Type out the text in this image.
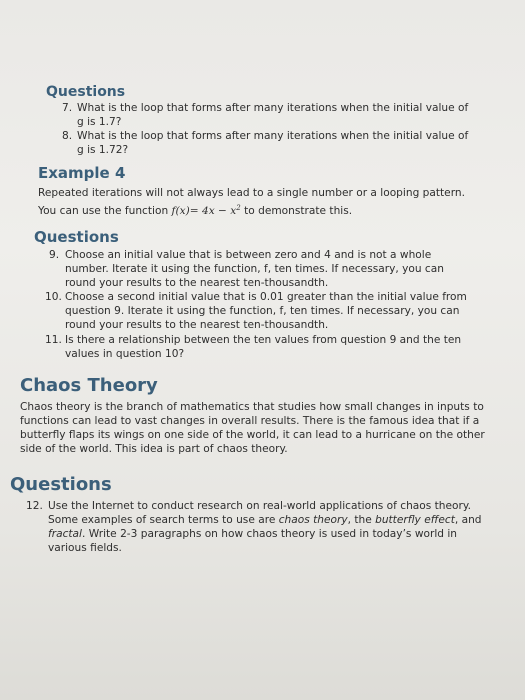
Questions
7. What is the loop that forms after many iterations when the initial value of g is 1.7?
8. What is the loop that forms after many iterations when the initial value of g is 1.72?
Example 4

Repeated iterations will not always lead to a single number or a looping pattern.

You can use the function $f(x)= 4x - x^2$ to demonstrate this.

Questions
9. Choose an initial value that is between zero and 4 and is not a whole number. Iterate it using the function, f, ten times. If necessary, you can round your results to the nearest ten-thousandth.
10. Choose a second initial value that is 0.01 greater than the initial value from question 9. Iterate it using the function, f, ten times. If necessary, you can round your results to the nearest ten-thousandth.
11. Is there a relationship between the ten values from question 9 and the ten values in question 10?
Chaos Theory

Chaos theory is the branch of mathematics that studies how small changes in inputs to functions can lead to vast changes in overall results. There is the famous idea that if a butterfly flaps its wings on one side of the world, it can lead to a hurricane on the other side of the world. This idea is part of chaos theory.

Questions
12. Use the Internet to conduct research on real-world applications of chaos theory. Some examples of search terms to use are chaos theory, the butterfly effect, and fractal. Write 2-3 paragraphs on how chaos theory is used in today’s world in various fields.
